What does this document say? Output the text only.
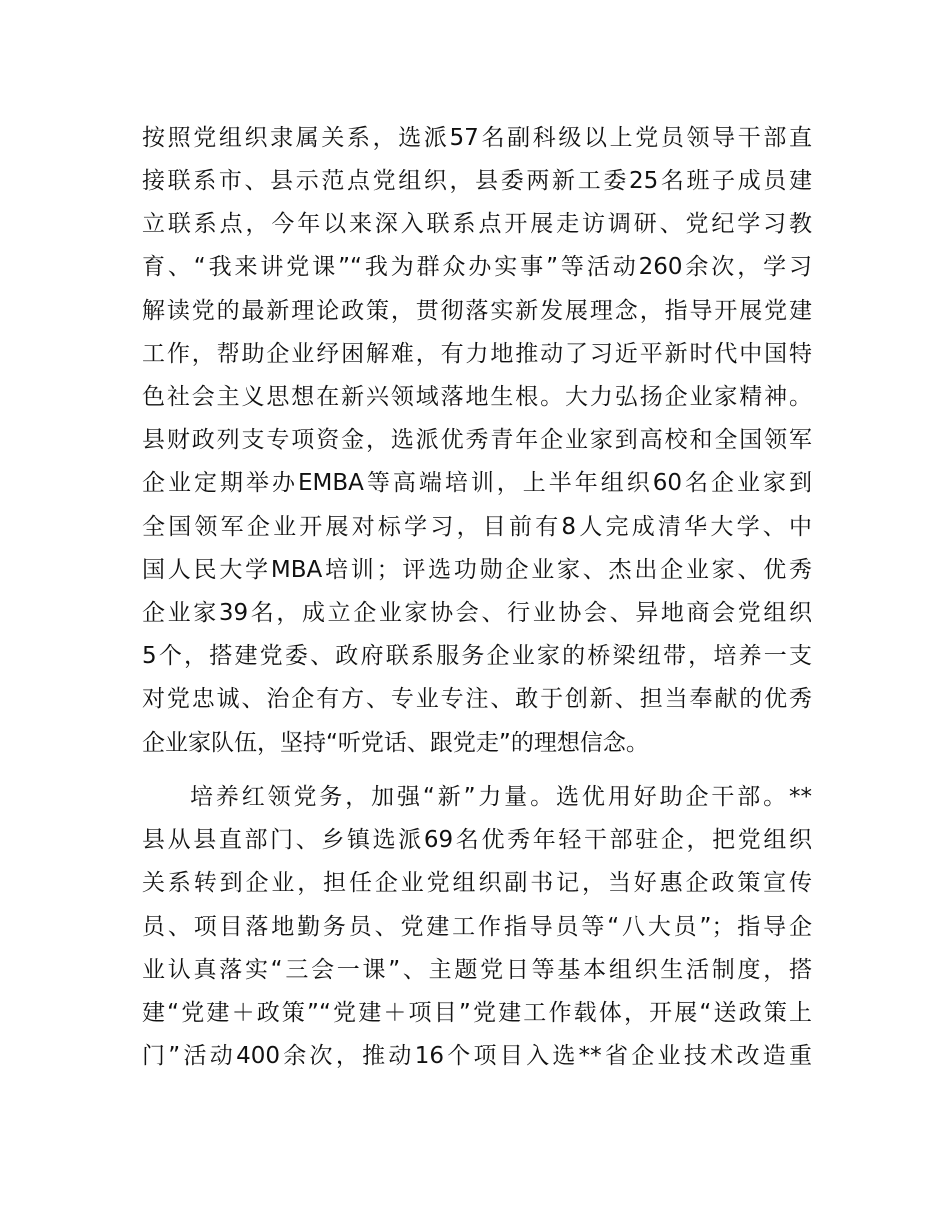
按照党组织隶属关系，选派57名副科级以上党员领导干部直
接联系市、县示范点党组织，县委两新工委25名班子成员建
立联系点，今年以来深入联系点开展走访调研、党纪学习教
育、“我来讲党课”“我为群众办实事”等活动260余次，学习
解读党的最新理论政策，贯彻落实新发展理念，指导开展党建
工作，帮助企业纾困解难，有力地推动了习近平新时代中国特
色社会主义思想在新兴领域落地生根。大力弘扬企业家精神。
县财政列支专项资金，选派优秀青年企业家到高校和全国领军
企业定期举办EMBA等高端培训，上半年组织60名企业家到
全国领军企业开展对标学习，目前有8人完成清华大学、中
国人民大学MBA培训；评选功勋企业家、杰出企业家、优秀
企业家39名，成立企业家协会、行业协会、异地商会党组织
5个，搭建党委、政府联系服务企业家的桥梁纽带，培养一支
对党忠诚、治企有方、专业专注、敢于创新、担当奉献的优秀
企业家队伍，坚持“听党话、跟党走”的理想信念。
培养红领党务，加强“新”力量。选优用好助企干部。**
县从县直部门、乡镇选派69名优秀年轻干部驻企，把党组织
关系转到企业，担任企业党组织副书记，当好惠企政策宣传
员、项目落地勤务员、党建工作指导员等“八大员”；指导企
业认真落实“三会一课”、主题党日等基本组织生活制度，搭
建“党建＋政策”“党建＋项目”党建工作载体，开展“送政策上
门”活动400余次，推动16个项目入选**省企业技术改造重
